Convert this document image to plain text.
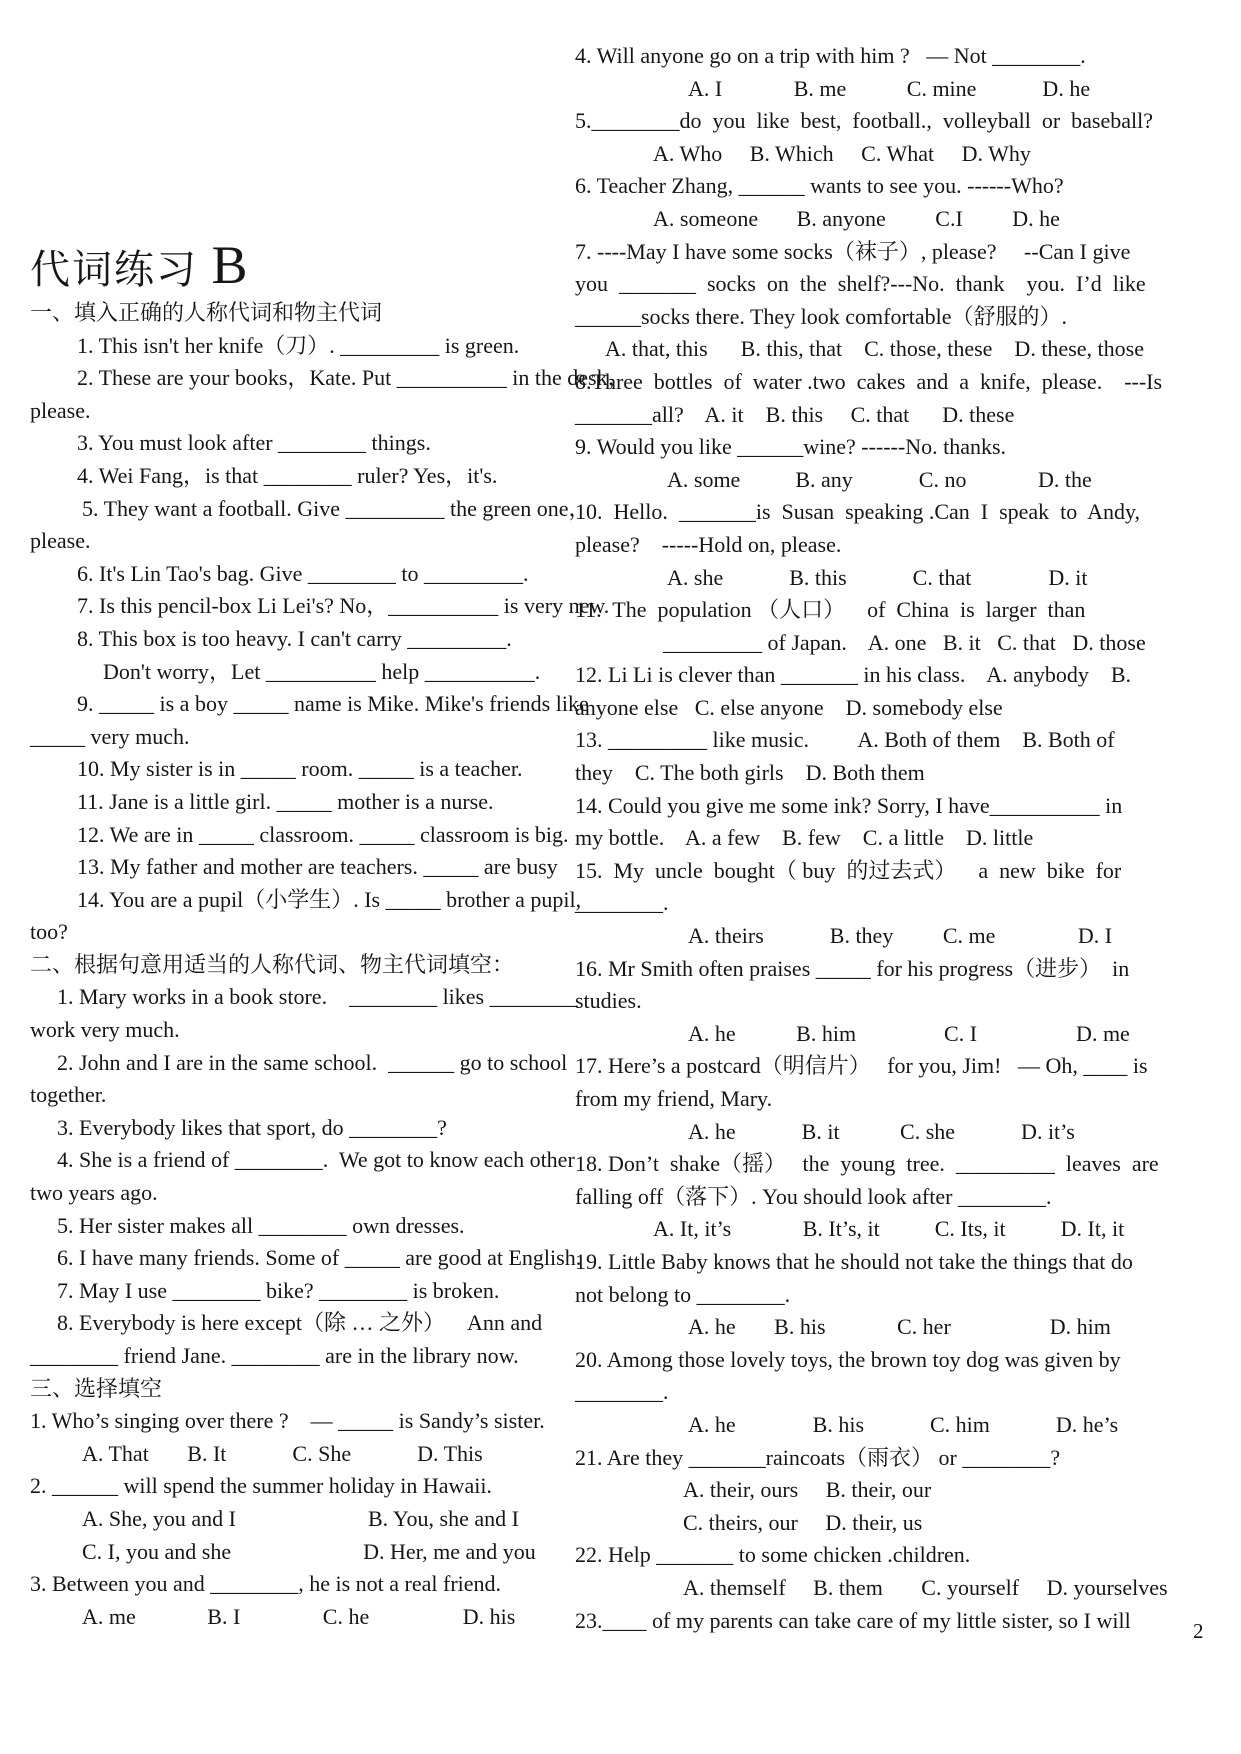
代词练习 B
一、填入正确的人称代词和物主代词
1. This isn't her knife（刀）. _________ is green.
2. These are your books，Kate. Put __________ in the desk，
please.
3. You must look after ________ things.
4. Wei Fang，is that ________ ruler? Yes，it's.
5. They want a football. Give _________ the green one，
please.
6. It's Lin Tao's bag. Give ________ to _________.
7. Is this pencil-box Li Lei's? No，__________ is very new.
8. This box is too heavy. I can't carry _________.
Don't worry，Let __________ help __________.
9. _____ is a boy _____ name is Mike. Mike's friends like
_____ very much.
10. My sister is in _____ room. _____ is a teacher.
11. Jane is a little girl. _____ mother is a nurse.
12. We are in _____ classroom. _____ classroom is big.
13. My father and mother are teachers. _____ are busy
14. You are a pupil（小学生）. Is _____ brother a pupil,
too?
二、根据句意用适当的人称代词、物主代词填空：
1. Mary works in a book store.    ________ likes ________
work very much.
2. John and I are in the same school.  ______ go to school
together.
3. Everybody likes that sport, do ________?
4. She is a friend of ________.  We got to know each other
two years ago.
5. Her sister makes all ________ own dresses.
6. I have many friends. Some of _____ are good at English.
7. May I use ________ bike? ________ is broken.
8. Everybody is here except（除 … 之外）    Ann and
________ friend Jane. ________ are in the library now.
三、选择填空
1. Who’s singing over there ?    — _____ is Sandy’s sister.
A. That       B. It            C. She            D. This
2. ______ will spend the summer holiday in Hawaii.
A. She, you and I                        B. You, she and I
C. I, you and she                        D. Her, me and you
3. Between you and ________, he is not a real friend.
A. me             B. I               C. he                 D. his
4. Will anyone go on a trip with him ?   — Not ________.
A. I             B. me           C. mine            D. he
5.________do  you  like  best,  football.,  volleyball  or  baseball?
A. Who     B. Which     C. What     D. Why
6. Teacher Zhang, ______ wants to see you. ------Who?
A. someone       B. anyone         C.I         D. he
7. ----May I have some socks（袜子）, please?     --Can I give
you  _______  socks  on  the  shelf?---No.  thank    you.  I’d  like
______socks there. They look comfortable（舒服的）.
A. that, this      B. this, that    C. those, these    D. these, those
8.Three  bottles  of  water .two  cakes  and  a  knife,  please.    ---Is
_______all?    A. it    B. this     C. that      D. these
9. Would you like ______wine? ------No. thanks.
A. some          B. any            C. no             D. the
10.  Hello.  _______is  Susan  speaking .Can  I  speak  to  Andy,
please?    -----Hold on, please.
A. she            B. this            C. that              D. it
11.  The  population （人口）    of  China  is  larger  than
_________ of Japan.    A. one   B. it   C. that   D. those
12. Li Li is clever than _______ in his class.    A. anybody    B.
anyone else   C. else anyone    D. somebody else
13. _________ like music.         A. Both of them    B. Both of
they    C. The both girls    D. Both them
14. Could you give me some ink? Sorry, I have__________ in
my bottle.    A. a few    B. few    C. a little    D. little
15.  My  uncle  bought（ buy  的过去式）    a  new  bike  for
________.
A. theirs            B. they         C. me               D. I
16. Mr Smith often praises _____ for his progress（进步）  in
studies.
A. he           B. him                C. I                  D. me
17. Here’s a postcard（明信片）   for you, Jim!   — Oh, ____ is
from my friend, Mary.
A. he            B. it           C. she            D. it’s
18. Don’t  shake（摇）   the  young  tree.  _________  leaves  are
falling off（落下）. You should look after ________.
A. It, it’s             B. It’s, it          C. Its, it          D. It, it
19. Little Baby knows that he should not take the things that do
not belong to ________.
A. he       B. his             C. her                  D. him
20. Among those lovely toys, the brown toy dog was given by
________.
A. he              B. his            C. him            D. he’s
21. Are they _______raincoats（雨衣） or ________?
A. their, ours     B. their, our
C. theirs, our     D. their, us
22. Help _______ to some chicken .children.
A. themself     B. them       C. yourself     D. yourselves
23.____ of my parents can take care of my little sister, so I will	2
